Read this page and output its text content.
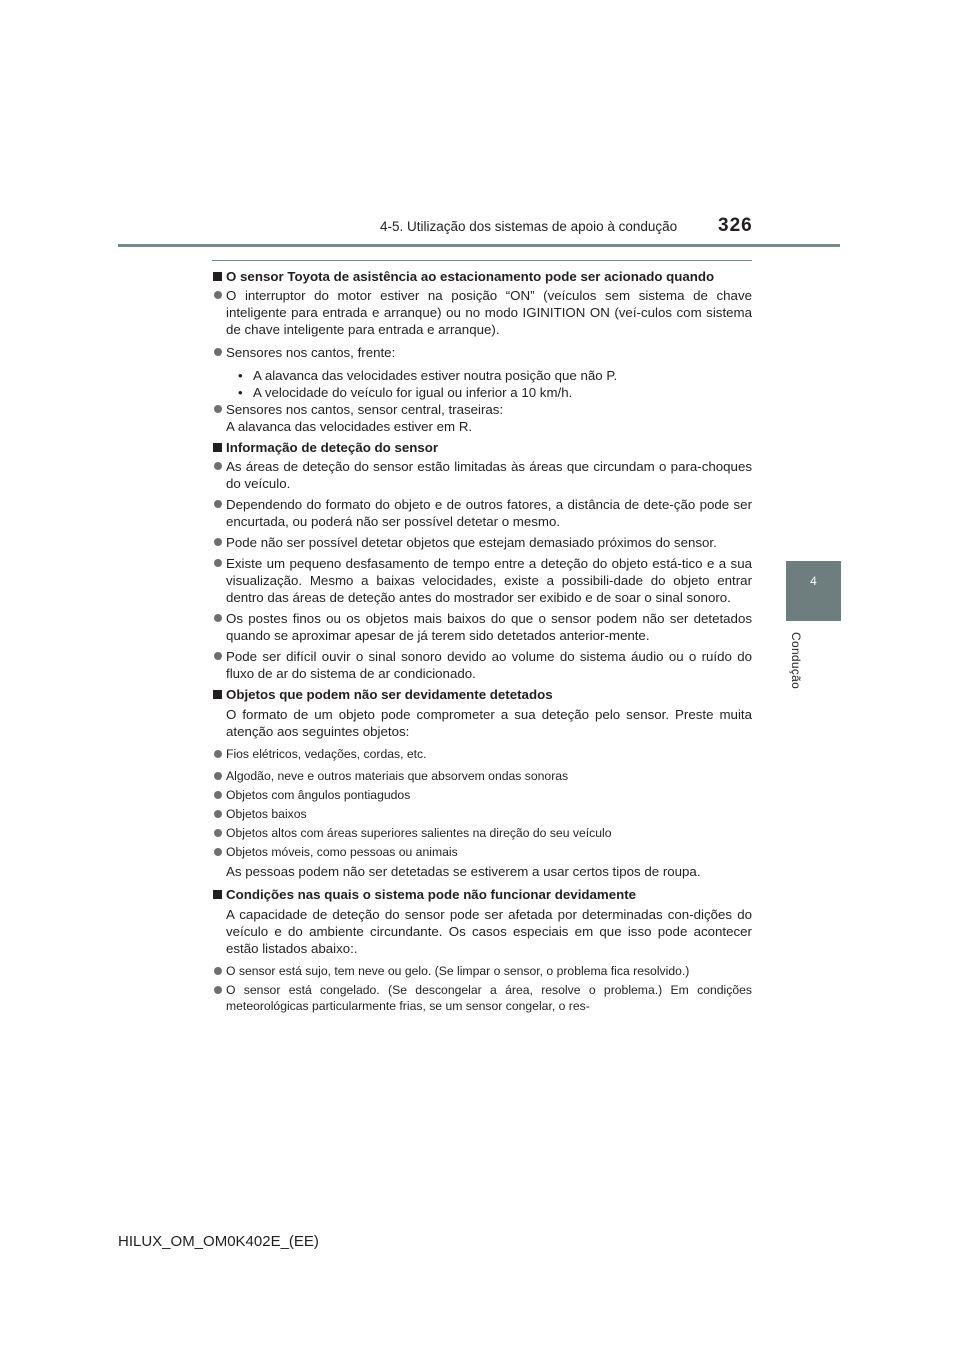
4-5. Utilização dos sistemas de apoio à condução	326
4
Condução
O sensor Toyota de asistência ao estacionamento pode ser acionado quando
O interruptor do motor estiver na posição “ON” (veículos sem sistema de chave inteligente para entrada e arranque) ou no modo IGINITION ON (veí-culos com sistema de chave inteligente para entrada e arranque).
Sensores nos cantos, frente:
• A alavanca das velocidades estiver noutra posição que não P.
• A velocidade do veículo for igual ou inferior a 10 km/h.
Sensores nos cantos, sensor central, traseiras:
A alavanca das velocidades estiver em R.
Informação de deteção do sensor
As áreas de deteção do sensor estão limitadas às áreas que circundam o para-choques do veículo.
Dependendo do formato do objeto e de outros fatores, a distância de dete-ção pode ser encurtada, ou poderá não ser possível detetar o mesmo.
Pode não ser possível detetar objetos que estejam demasiado próximos do sensor.
Existe um pequeno desfasamento de tempo entre a deteção do objeto está-tico e a sua visualização. Mesmo a baixas velocidades, existe a possibili-dade do objeto entrar dentro das áreas de deteção antes do mostrador ser exibido e de soar o sinal sonoro.
Os postes finos ou os objetos mais baixos do que o sensor podem não ser detetados quando se aproximar apesar de já terem sido detetados anterior-mente.
Pode ser difícil ouvir o sinal sonoro devido ao volume do sistema áudio ou o ruído do fluxo de ar do sistema de ar condicionado.
Objetos que podem não ser devidamente detetados
O formato de um objeto pode comprometer a sua deteção pelo sensor. Preste muita atenção aos seguintes objetos:
Fios elétricos, vedações, cordas, etc.
Algodão, neve e outros materiais que absorvem ondas sonoras
Objetos com ângulos pontiagudos
Objetos baixos
Objetos altos com áreas superiores salientes na direção do seu veículo
Objetos móveis, como pessoas ou animais
As pessoas podem não ser detetadas se estiverem a usar certos tipos de roupa.
Condições nas quais o sistema pode não funcionar devidamente
A capacidade de deteção do sensor pode ser afetada por determinadas con-dições do veículo e do ambiente circundante. Os casos especiais em que isso pode acontecer estão listados abaixo:.
O sensor está sujo, tem neve ou gelo. (Se limpar o sensor, o problema fica resolvido.)
O sensor está congelado. (Se descongelar a área, resolve o problema.) Em condições meteorológicas particularmente frias, se um sensor congelar, o res-
HILUX_OM_OM0K402E_(EE)
